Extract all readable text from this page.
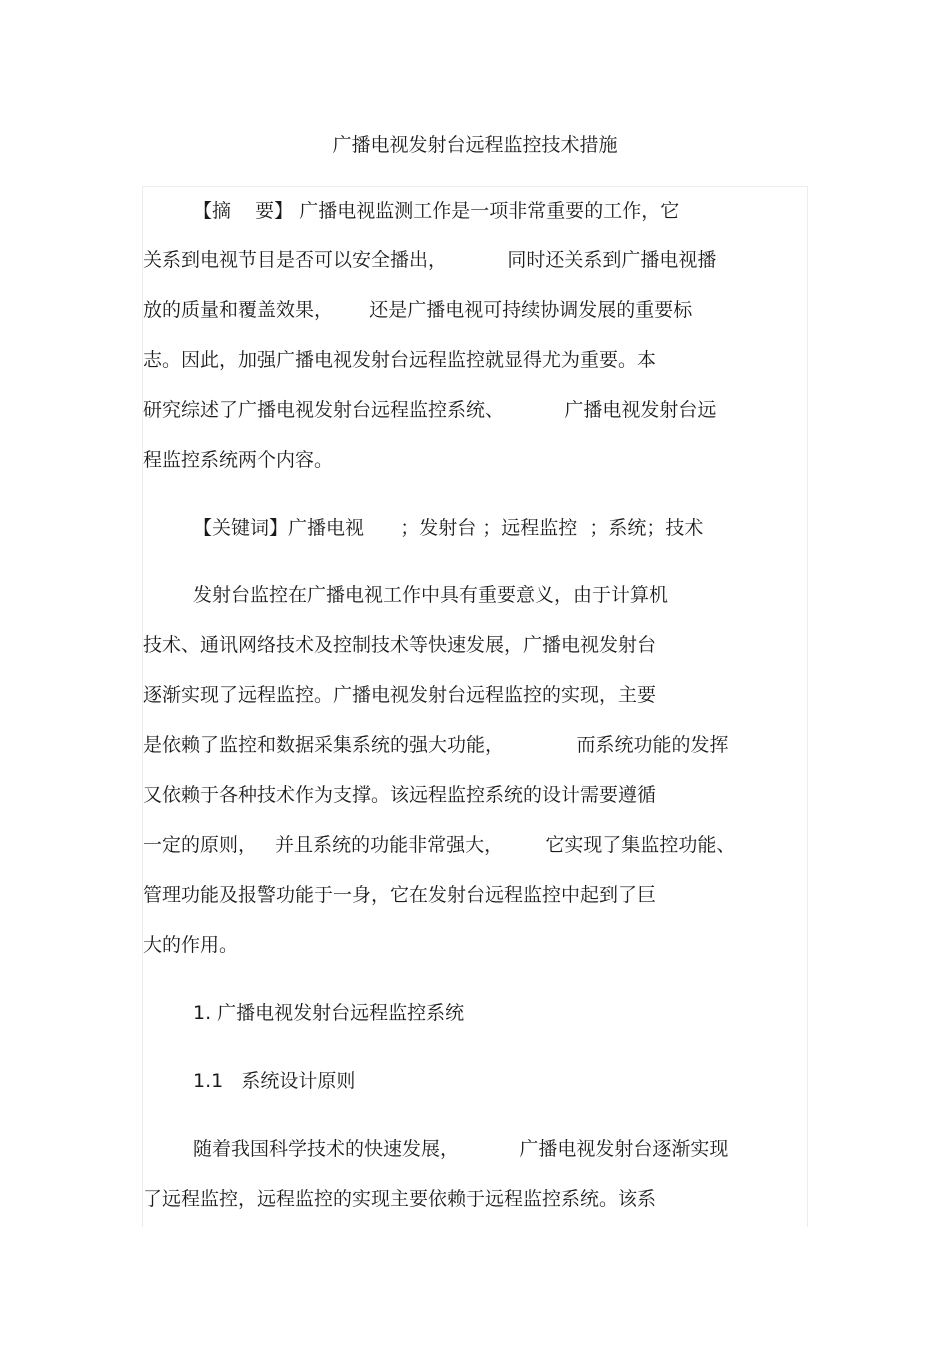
广播电视发射台远程监控技术措施
【摘    要】 广播电视监测工作是一项非常重要的工作，它
关系到电视节目是否可以安全播出，          同时还关系到广播电视播
放的质量和覆盖效果，      还是广播电视可持续协调发展的重要标
志。因此，加强广播电视发射台远程监控就显得尤为重要。本
研究综述了广播电视发射台远程监控系统、          广播电视发射台远
程监控系统两个内容。
【关键词】广播电视      ；发射台 ；远程监控  ；系统；技术
发射台监控在广播电视工作中具有重要意义，由于计算机
技术、通讯网络技术及控制技术等快速发展，广播电视发射台
逐渐实现了远程监控。广播电视发射台远程监控的实现，主要
是依赖了监控和数据采集系统的强大功能，            而系统功能的发挥
又依赖于各种技术作为支撑。该远程监控系统的设计需要遵循
一定的原则，   并且系统的功能非常强大，       它实现了集监控功能、
管理功能及报警功能于一身，它在发射台远程监控中起到了巨
大的作用。
1. 广播电视发射台远程监控系统
1.1   系统设计原则
随着我国科学技术的快速发展，          广播电视发射台逐渐实现
了远程监控，远程监控的实现主要依赖于远程监控系统。该系
